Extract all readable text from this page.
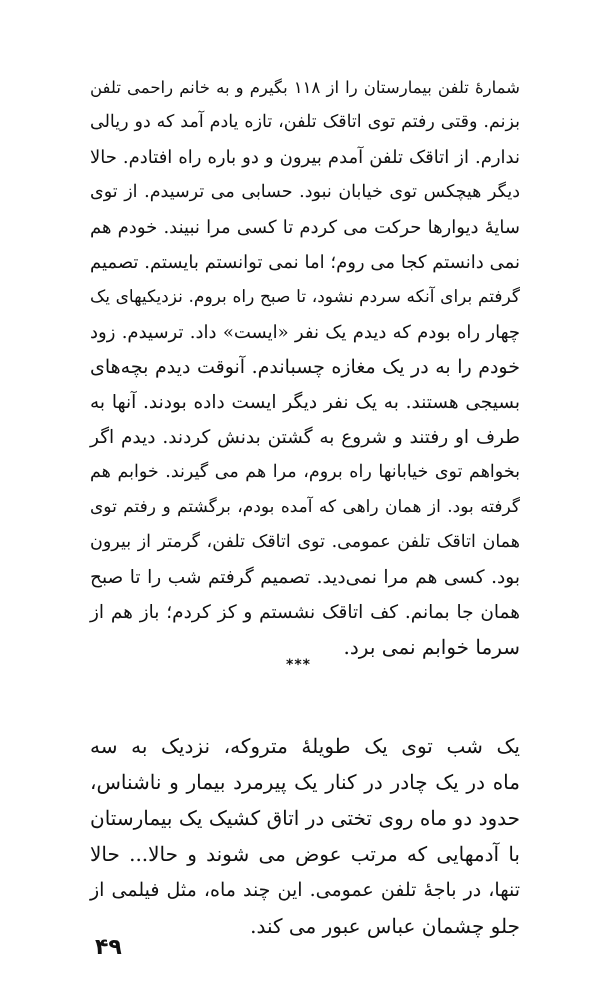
شمارهٔ تلفن بیمارستان را از ۱۱۸ بگیرم و به خانم راحمی تلفن
بزنم. وقتی رفتم توی اتاقک تلفن، تازه یادم آمد که دو ریالی
ندارم. از اتاقک تلفن آمدم بیرون و دو باره راه افتادم. حالا
دیگر هیچکس توی خیابان نبود. حسابی می ترسیدم. از توی
سایهٔ دیوارها حرکت می کردم تا کسی مرا نبیند. خودم هم
نمی دانستم کجا می روم؛ اما نمی توانستم بایستم. تصمیم
گرفتم برای آنکه سردم نشود، تا صبح راه بروم. نزدیکیهای یک
چهار راه بودم که دیدم یک نفر «ایست» داد. ترسیدم. زود
خودم را به در یک مغازه چسباندم. آنوقت دیدم بچه‌های
بسیجی هستند. به یک نفر دیگر ایست داده بودند. آنها به
طرف او رفتند و شروع به گشتن بدنش کردند. دیدم اگر
بخواهم توی خیابانها راه بروم، مرا هم می گیرند. خوابم هم
گرفته بود. از همان راهی که آمده بودم، برگشتم و رفتم توی
همان اتاقک تلفن عمومی. توی اتاقک تلفن، گرمتر از بیرون
بود. کسی هم مرا نمی‌دید. تصمیم گرفتم شب را تا صبح
همان جا بمانم. کف اتاقک نشستم و کز کردم؛ باز هم از
سرما خوابم نمی برد.
***
یک شب توی یک طویلهٔ متروکه، نزدیک به سه
ماه در یک چادر در کنار یک پیرمرد بیمار و ناشناس،
حدود دو ماه روی تختی در اتاق کشیک یک بیمارستان
با آدمهایی که مرتب عوض می شوند و حالا... حالا
تنها، در باجهٔ تلفن عمومی. این چند ماه، مثل فیلمی از
جلو چشمان عباس عبور می کند.
۴۹
